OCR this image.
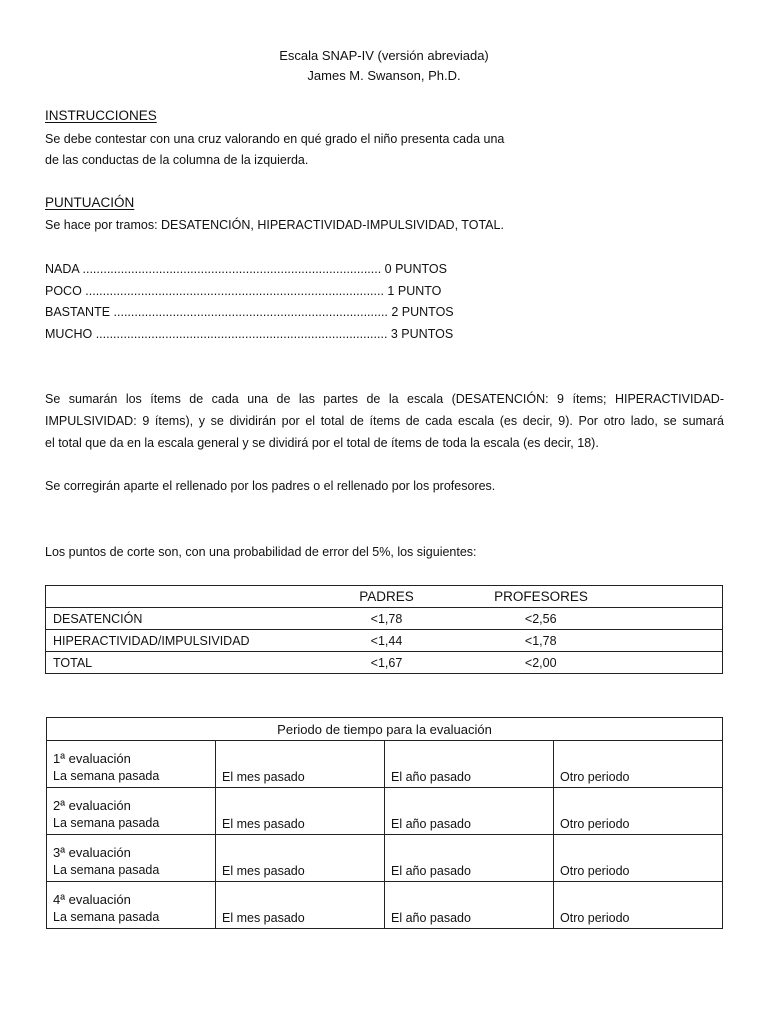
Escala SNAP-IV (versión abreviada)
James M. Swanson, Ph.D.
INSTRUCCIONES
Se debe contestar con una cruz valorando en qué grado el niño presenta cada una
de las conductas de la columna de la izquierda.
PUNTUACIÓN
Se hace por tramos: DESATENCIÓN, HIPERACTIVIDAD-IMPULSIVIDAD, TOTAL.
NADA ...................................................................................... 0 PUNTOS
POCO ...................................................................................... 1 PUNTO
BASTANTE ............................................................................... 2 PUNTOS
MUCHO .................................................................................... 3 PUNTOS
Se sumarán los ítems de cada una de las partes de la escala (DESATENCIÓN: 9 ítems; HIPERACTIVIDAD-
IMPULSIVIDAD: 9 ítems), y se dividirán por el total de ítems de cada escala (es decir, 9). Por otro lado, se sumará
el total que da en la escala general y se dividirá por el total de ítems de toda la escala (es decir, 18).
Se corregirán aparte el rellenado por los padres o el rellenado por los profesores.
Los puntos de corte son, con una probabilidad de error del 5%, los siguientes:
	PADRES	PROFESORES
DESATENCIÓN	<1,78	<2,56
HIPERACTIVIDAD/IMPULSIVIDAD	<1,44	<1,78
TOTAL	<1,67	<2,00
Periodo de tiempo para la evaluación			

1ª evaluación
La semana pasada	El mes pasado	El año pasado	Otro periodo

2ª evaluación
La semana pasada	El mes pasado	El año pasado	Otro periodo

3ª evaluación
La semana pasada	El mes pasado	El año pasado	Otro periodo

4ª evaluación
La semana pasada	El mes pasado	El año pasado	Otro periodo
